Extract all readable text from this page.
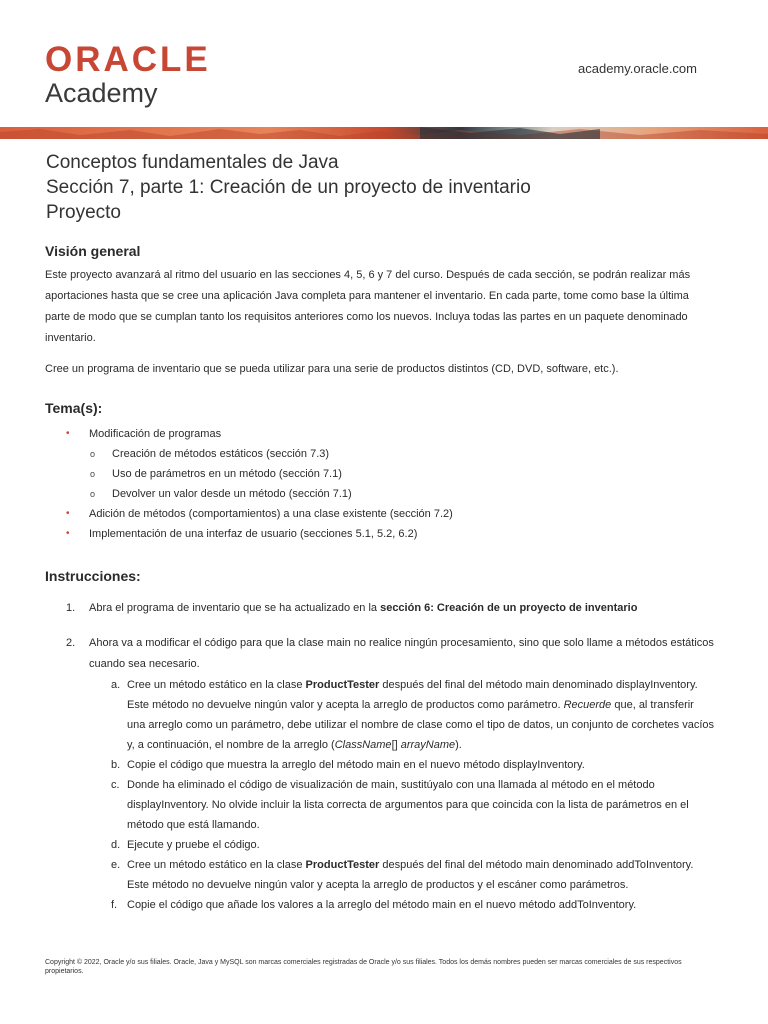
ORACLE
Academy
academy.oracle.com
Conceptos fundamentales de Java
Sección 7, parte 1: Creación de un proyecto de inventario
Proyecto
Visión general

Este proyecto avanzará al ritmo del usuario en las secciones 4, 5, 6 y 7 del curso. Después de cada sección, se podrán realizar más aportaciones hasta que se cree una aplicación Java completa para mantener el inventario. En cada parte, tome como base la última parte de modo que se cumplan tanto los requisitos anteriores como los nuevos. Incluya todas las partes en un paquete denominado inventario.

Cree un programa de inventario que se pueda utilizar para una serie de productos distintos (CD, DVD, software, etc.).

Tema(s):
• Modificación de programas
o Creación de métodos estáticos (sección 7.3)
o Uso de parámetros en un método (sección 7.1)
o Devolver un valor desde un método (sección 7.1)
• Adición de métodos (comportamientos) a una clase existente (sección 7.2)
• Implementación de una interfaz de usuario (secciones 5.1, 5.2, 6.2)
Instrucciones:
1. Abra el programa de inventario que se ha actualizado en la sección 6: Creación de un proyecto de inventario
2. Ahora va a modificar el código para que la clase main no realice ningún procesamiento, sino que solo llame a métodos estáticos cuando sea necesario.
a. Cree un método estático en la clase ProductTester después del final del método main denominado displayInventory. Este método no devuelve ningún valor y acepta la arreglo de productos como parámetro. Recuerde que, al transferir una arreglo como un parámetro, debe utilizar el nombre de clase como el tipo de datos, un conjunto de corchetes vacíos y, a continuación, el nombre de la arreglo (ClassName[] arrayName).
b. Copie el código que muestra la arreglo del método main en el nuevo método displayInventory.
c. Donde ha eliminado el código de visualización de main, sustitúyalo con una llamada al método en el método displayInventory. No olvide incluir la lista correcta de argumentos para que coincida con la lista de parámetros en el método que está llamando.
d. Ejecute y pruebe el código.
e. Cree un método estático en la clase ProductTester después del final del método main denominado addToInventory. Este método no devuelve ningún valor y acepta la arreglo de productos y el escáner como parámetros.
f. Copie el código que añade los valores a la arreglo del método main en el nuevo método addToInventory.
Copyright © 2022, Oracle y/o sus filiales. Oracle, Java y MySQL son marcas comerciales registradas de Oracle y/o sus filiales. Todos los demás nombres pueden ser marcas comerciales de sus respectivos propietarios.
